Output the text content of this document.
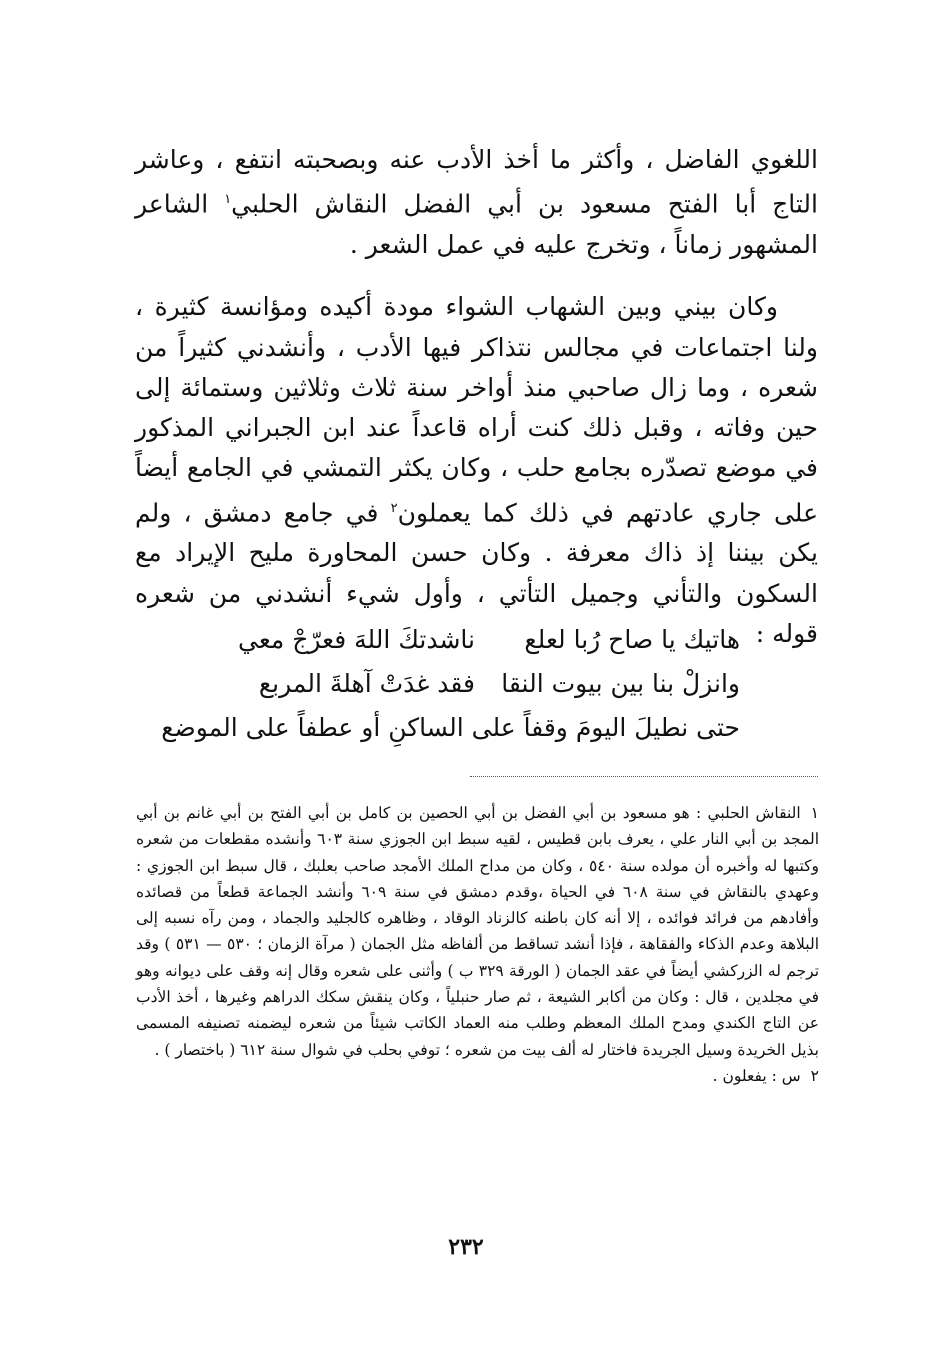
اللغوي الفاضل ، وأكثر ما أخذ الأدب عنه وبصحبته انتفع ، وعاشر التاج أبا الفتح مسعود بن أبي الفضل النقاش الحلبي$^١$ الشاعر المشهور زماناً ، وتخرج عليه في عمل الشعر .

وكان بيني وبين الشهاب الشواء مودة أكيده ومؤانسة كثيرة ، ولنا اجتماعات في مجالس نتذاكر فيها الأدب ، وأنشدني كثيراً من شعره ، وما زال صاحبي منذ أواخر سنة ثلاث وثلاثين وستمائة إلى حين وفاته ، وقبل ذلك كنت أراه قاعداً عند ابن الجبراني المذكور في موضع تصدّره بجامع حلب ، وكان يكثر التمشي في الجامع أيضاً على جاري عادتهم في ذلك كما يعملون$^٢$ في جامع دمشق ، ولم يكن بيننا إذ ذاك معرفة . وكان حسن المحاورة مليح الإيراد مع السكون والتأني وجميل التأتي ، وأول شيء أنشدني من شعره قوله :

هاتيك يا صاح رُبا لعلع
ناشدتكَ اللهَ فعرّجْ معي
وانزلْ بنا بين بيوت النقا
فقد غدَتْ آهلةَ المربع
حتى نطيلَ اليومَ وقفاً على الساكنِ أو عطفاً على الموضع

١النقاش الحلبي : هو مسعود بن أبي الفضل بن أبي الحصين بن كامل بن أبي الفتح بن أبي غانم بن أبي المجد بن أبي النار علي ، يعرف بابن قطيس ، لقيه سبط ابن الجوزي سنة ٦٠٣ وأنشده مقطعات من شعره وكتبها له وأخبره أن مولده سنة ٥٤٠ ، وكان من مداح الملك الأمجد صاحب بعلبك ، قال سبط ابن الجوزي : وعهدي بالنقاش في سنة ٦٠٨ في الحياة ،وقدم دمشق في سنة ٦٠٩ وأنشد الجماعة قطعاً من قصائده وأفادهم من فرائد فوائده ، إلا أنه كان باطنه كالزناد الوقاد ، وظاهره كالجليد والجماد ، ومن رآه نسبه إلى البلاهة وعدم الذكاء والفقاهة ، فإذا أنشد تساقط من ألفاظه مثل الجمان ( مرآة الزمان ؛ ٥٣٠ — ٥٣١ ) وقد ترجم له الزركشي أيضاً في عقد الجمان ( الورقة ٣٢٩ ب ) وأثنى على شعره وقال إنه وقف على ديوانه وهو في مجلدين ، قال : وكان من أكابر الشيعة ، ثم صار حنبلياً ، وكان ينقش سكك الدراهم وغيرها ، أخذ الأدب عن التاج الكندي ومدح الملك المعظم وطلب منه العماد الكاتب شيئاً من شعره ليضمنه تصنيفه المسمى بذيل الخريدة وسيل الجريدة فاختار له ألف بيت من شعره ؛ توفي بحلب في شوال سنة ٦١٢ ( باختصار ) .

٢س : يفعلون .

٢٣٢
